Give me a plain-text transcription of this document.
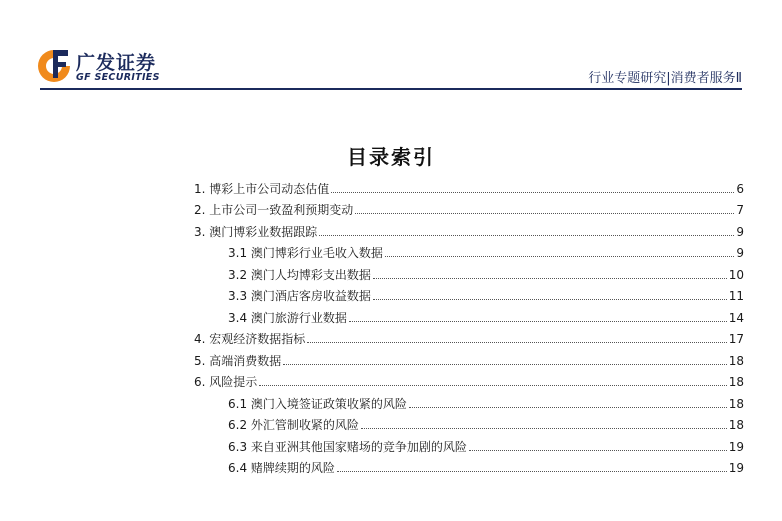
广发证券
GF SECURITIES	行业专题研究|消费者服务Ⅱ
目录索引
1. 博彩上市公司动态估值	6
2. 上市公司一致盈利预期变动	7
3. 澳门博彩业数据跟踪	9
3.1 澳门博彩行业毛收入数据	9
3.2 澳门人均博彩支出数据	10
3.3 澳门酒店客房收益数据	11
3.4 澳门旅游行业数据	14
4. 宏观经济数据指标	17
5. 高端消费数据	18
6. 风险提示	18
6.1 澳门入境签证政策收紧的风险	18
6.2 外汇管制收紧的风险	18
6.3 来自亚洲其他国家赌场的竞争加剧的风险	19
6.4 赌牌续期的风险	19
